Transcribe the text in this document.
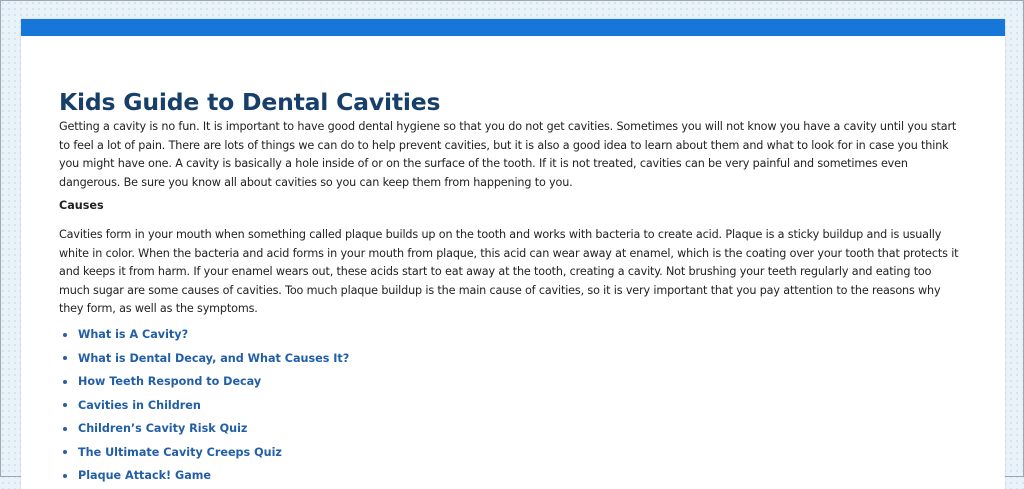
Kids Guide to Dental Cavities

Getting a cavity is no fun. It is important to have good dental hygiene so that you do not get cavities. Sometimes you will not know you have a cavity until you start to feel a lot of pain. There are lots of things we can do to help prevent cavities, but it is also a good idea to learn about them and what to look for in case you think you might have one. A cavity is basically a hole inside of or on the surface of the tooth. If it is not treated, cavities can be very painful and sometimes even dangerous. Be sure you know all about cavities so you can keep them from happening to you.

Causes

Cavities form in your mouth when something called plaque builds up on the tooth and works with bacteria to create acid. Plaque is a sticky buildup and is usually white in color. When the bacteria and acid forms in your mouth from plaque, this acid can wear away at enamel, which is the coating over your tooth that protects it and keeps it from harm. If your enamel wears out, these acids start to eat away at the tooth, creating a cavity. Not brushing your teeth regularly and eating too much sugar are some causes of cavities. Too much plaque buildup is the main cause of cavities, so it is very important that you pay attention to the reasons why they form, as well as the symptoms.

What is A Cavity?
What is Dental Decay, and What Causes It?
How Teeth Respond to Decay
Cavities in Children
Children’s Cavity Risk Quiz
The Ultimate Cavity Creeps Quiz
Plaque Attack! Game
